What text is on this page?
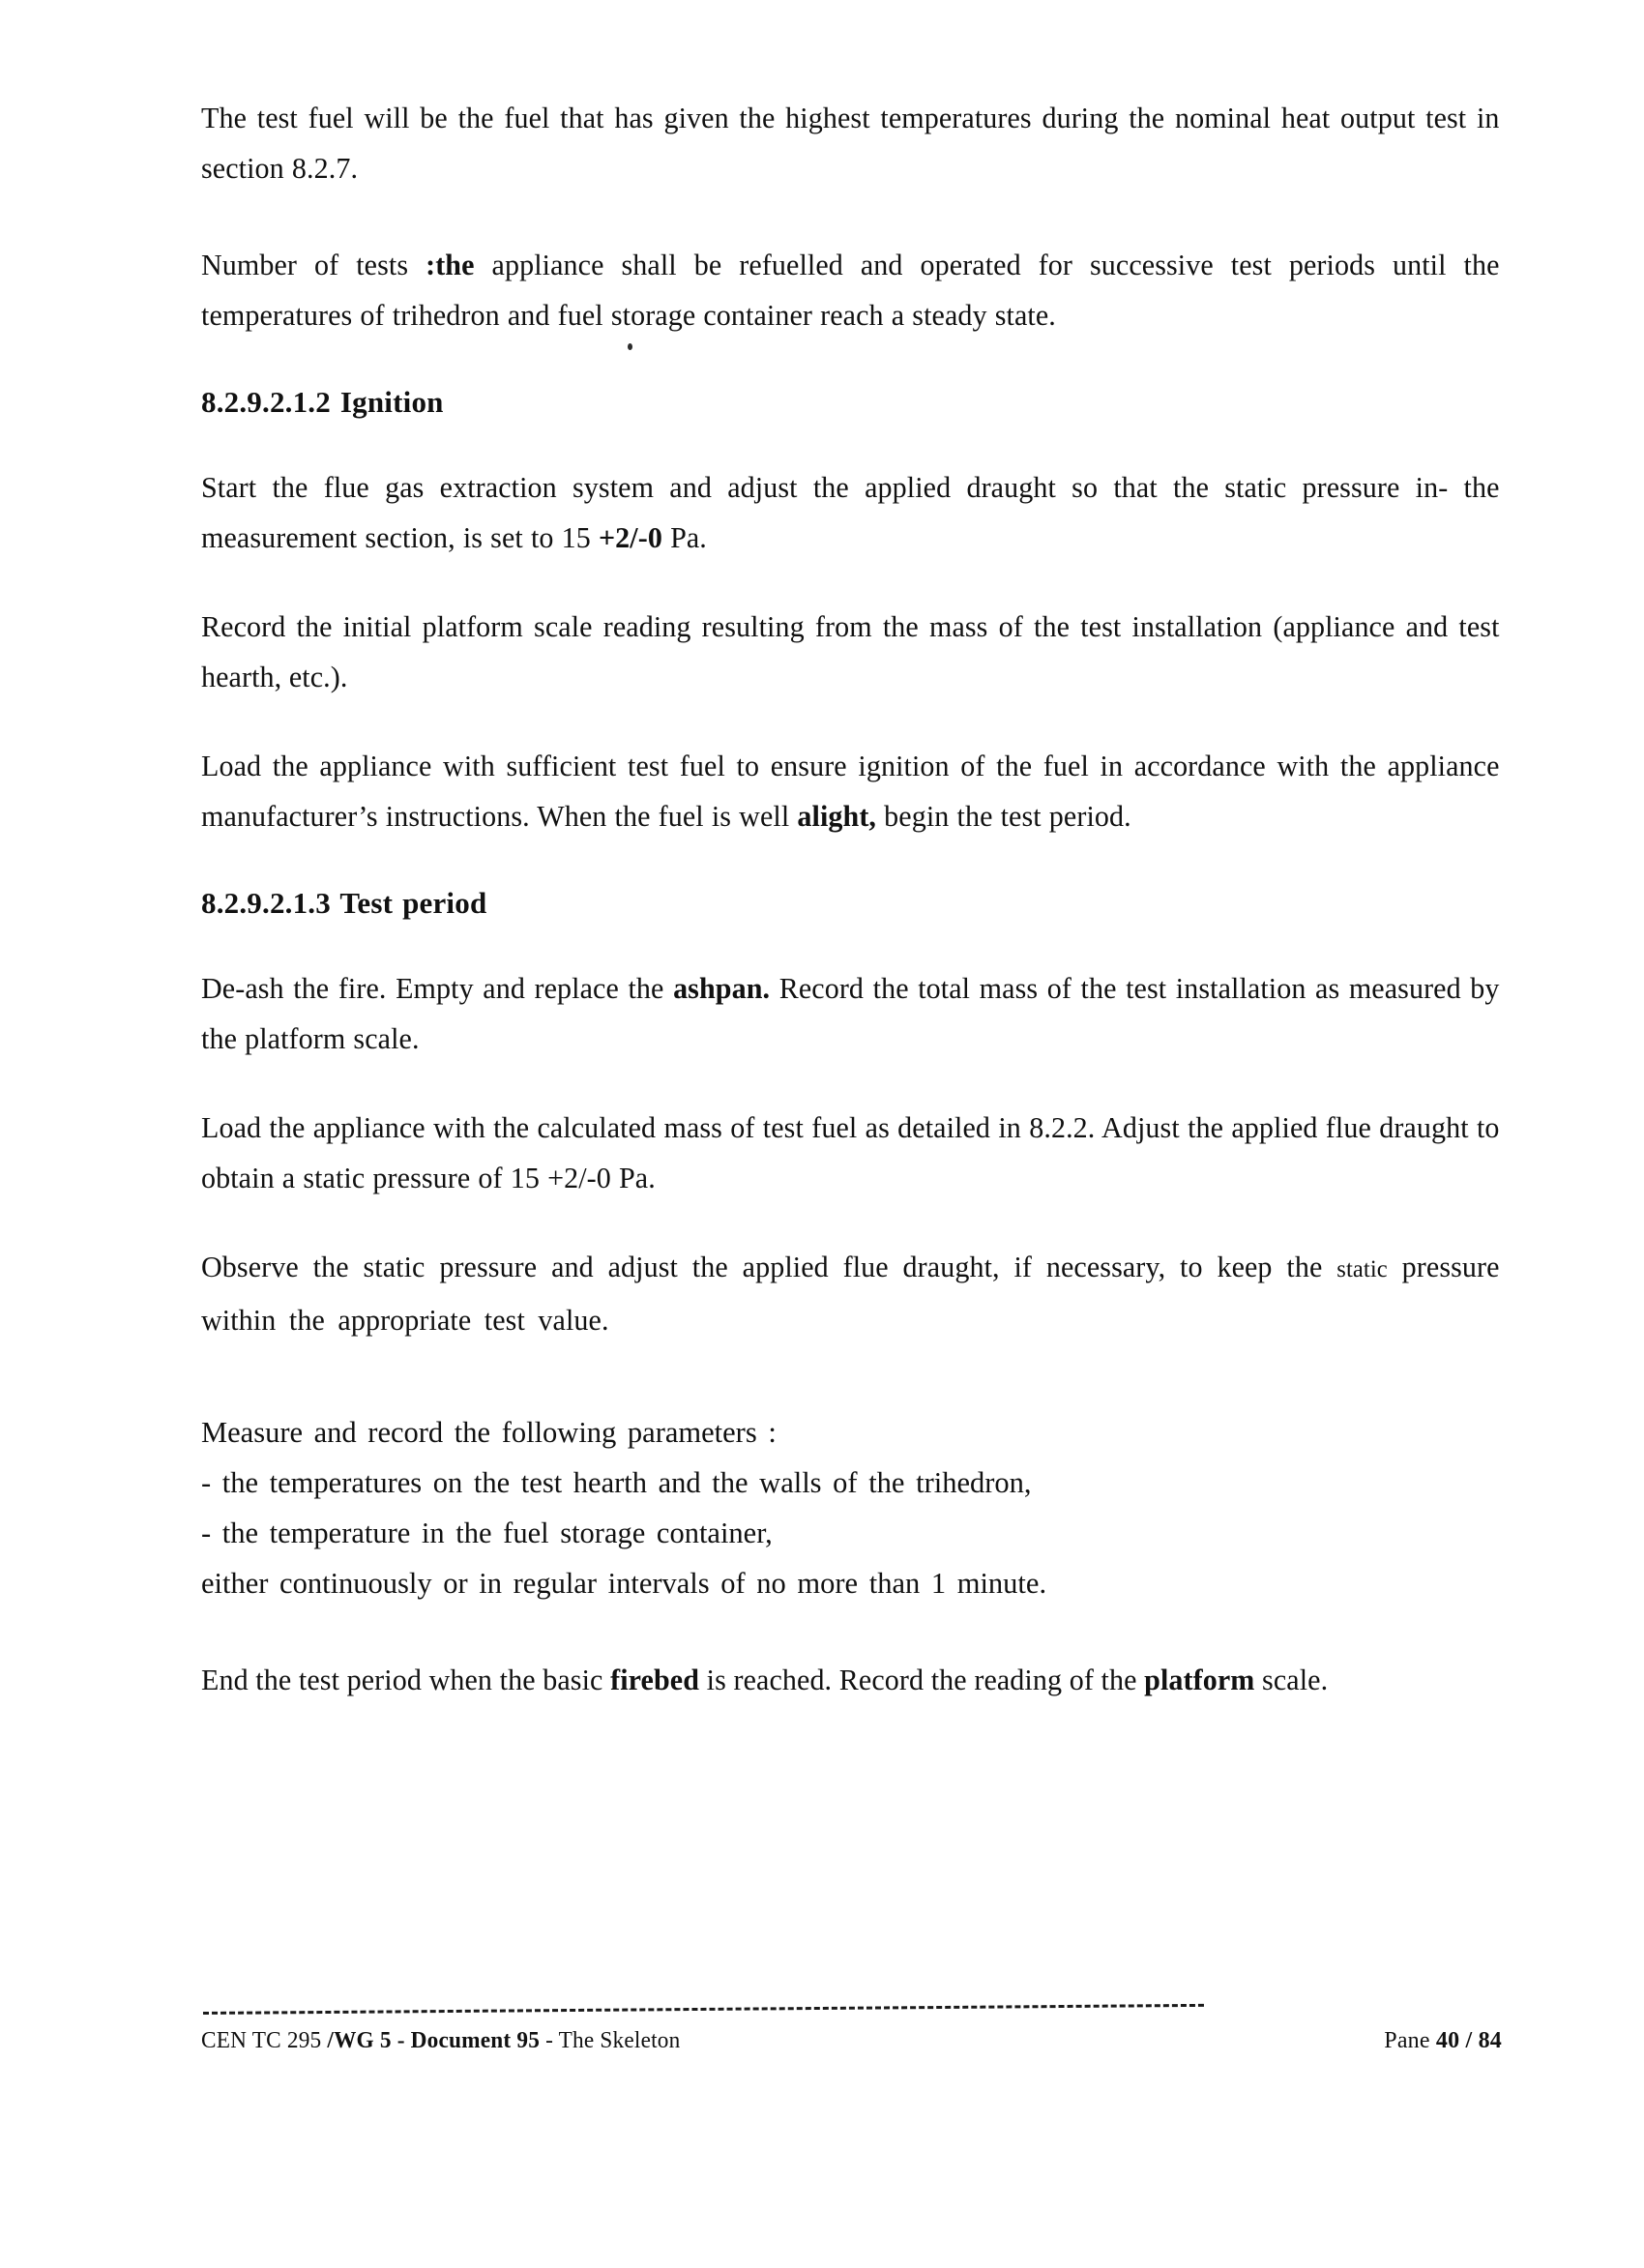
The test fuel will be the fuel that has given the highest temperatures during the nominal heat output test in section 8.2.7.

Number of tests :the appliance shall be refuelled and operated for successive test periods until the temperatures of trihedron and fuel storage container reach a steady state.

8.2.9.2.1.2 Ignition

Start the flue gas extraction system and adjust the applied draught so that the static pressure in- the measurement section, is set to 15 +2/-0 Pa.

Record the initial platform scale reading resulting from the mass of the test installation (appliance and test hearth, etc.).

Load the appliance with sufficient test fuel to ensure ignition of the fuel in accordance with the appliance manufacturer’s instructions. When the fuel is well alight, begin the test period.

8.2.9.2.1.3 Test period

De-ash the fire. Empty and replace the ashpan. Record the total mass of the test installation as measured by the platform scale.

Load the appliance with the calculated mass of test fuel as detailed in 8.2.2. Adjust the applied flue draught to obtain a static pressure of 15 +2/-0 Pa.

Observe the static pressure and adjust the applied flue draught, if necessary, to keep the static pressure within the appropriate test value.

Measure and record the following parameters :
- the temperatures on the test hearth and the walls of the trihedron,
- the temperature in the fuel storage container,
either continuously or in regular intervals of no more than 1 minute.

End the test period when the basic firebed is reached. Record the reading of the platform scale.

CEN TC 295 /WG 5 - Document 95 - The Skeleton	Pane 40 / 84
